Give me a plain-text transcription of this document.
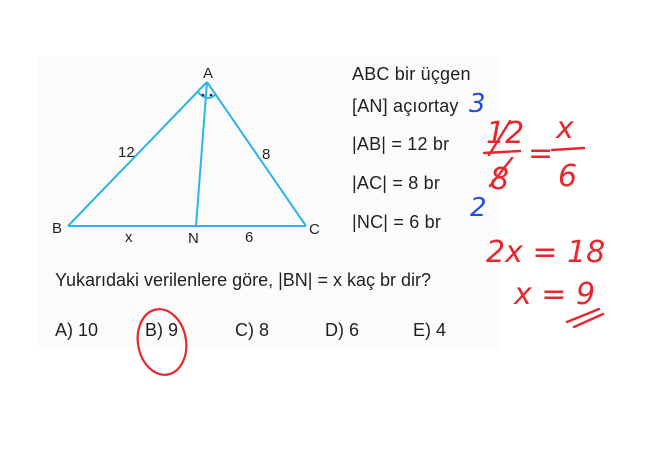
A
B	C
N
12	8
x	6
ABC bir üçgen
[AN] açıortay
|AB| = 12 br
|AC| = 8 br
|NC| = 6 br
Yukarıdaki verilenlere göre, |BN| = x kaç br dir?
A) 10	B) 9	C) 8	D) 6	E) 4
3
2
12
8
=
x
6
2x = 18
x = 9
